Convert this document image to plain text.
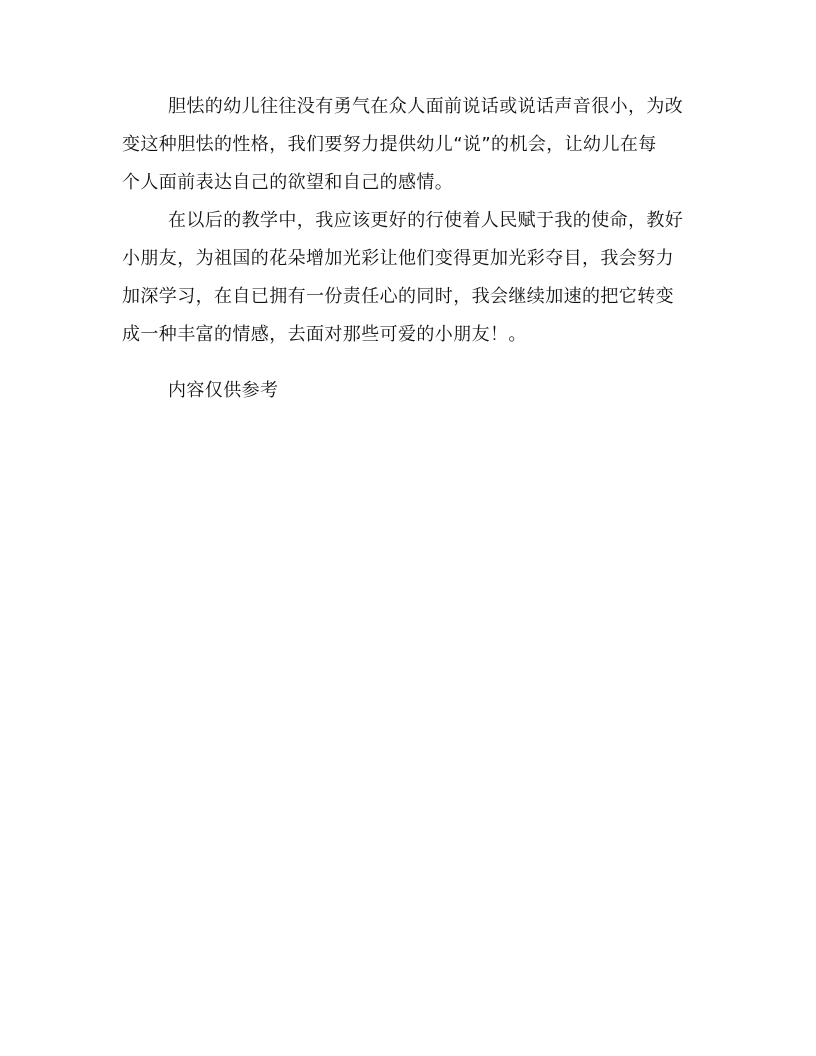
胆怯的幼儿往往没有勇气在众人面前说话或说话声音很小，为改
变这种胆怯的性格，我们要努力提供幼儿“说”的机会，让幼儿在每
个人面前表达自己的欲望和自己的感情。

在以后的教学中，我应该更好的行使着人民赋于我的使命，教好
小朋友，为祖国的花朵增加光彩让他们变得更加光彩夺目，我会努力
加深学习，在自已拥有一份责任心的同时，我会继续加速的把它转变
成一种丰富的情感，去面对那些可爱的小朋友！。

内容仅供参考
